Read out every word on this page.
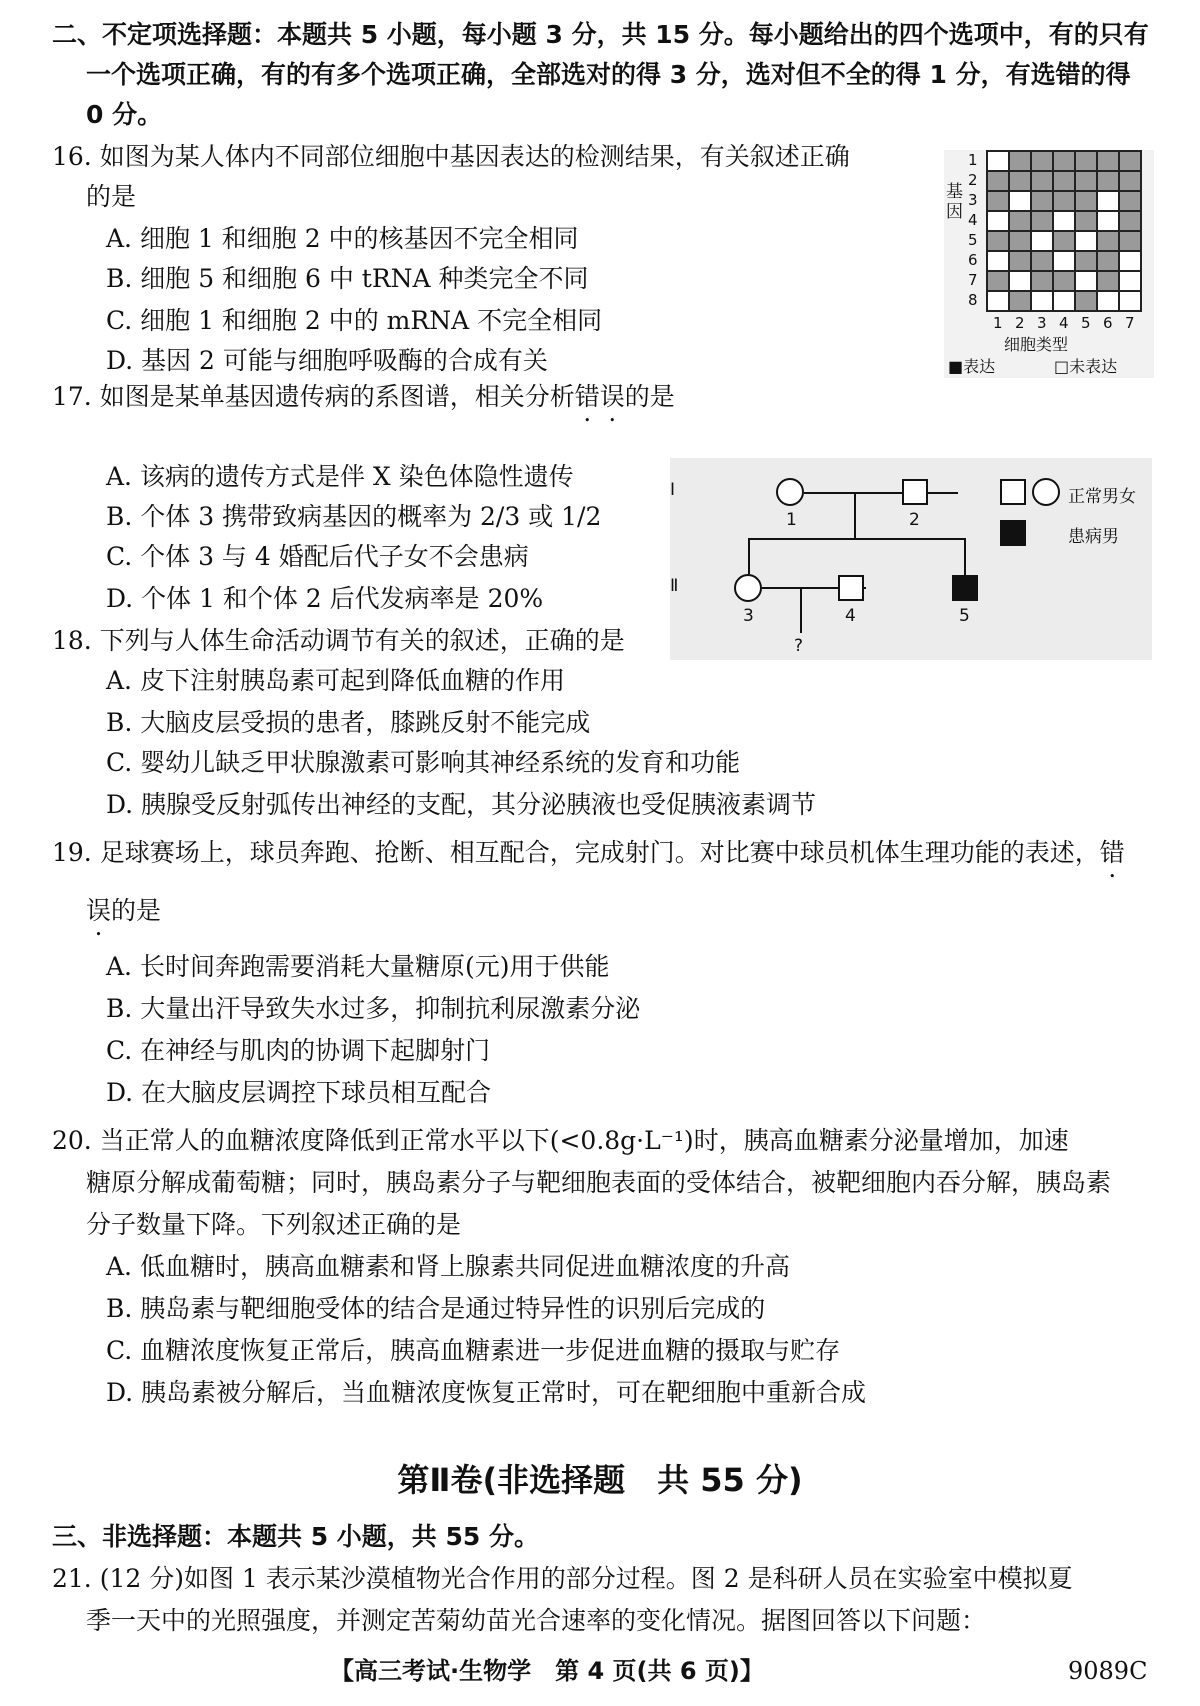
二、不定项选择题：本题共 5 小题，每小题 3 分，共 15 分。每小题给出的四个选项中，有的只有
一个选项正确，有的有多个选项正确，全部选对的得 3 分，选对但不全的得 1 分，有选错的得
0 分。
16. 如图为某人体内不同部位细胞中基因表达的检测结果，有关叙述正确
的是
A. 细胞 1 和细胞 2 中的核基因不完全相同
B. 细胞 5 和细胞 6 中 tRNA 种类完全不同
C. 细胞 1 和细胞 2 中的 mRNA 不完全相同
D. 基因 2 可能与细胞呼吸酶的合成有关
基因
细胞类型
■表达	□未表达
1
2
3
4
5
6
7
8
1 2 3 4 5 6 7
17. 如图是某单基因遗传病的系图谱，相关分析错误的是
A. 该病的遗传方式是伴 X 染色体隐性遗传
B. 个体 3 携带致病基因的概率为 2/3 或 1/2
C. 个体 3 与 4 婚配后代子女不会患病
D. 个体 1 和个体 2 后代发病率是 20%
Ⅰ
Ⅱ
1	2
3	4	5
?
正常男女
患病男
18. 下列与人体生命活动调节有关的叙述，正确的是
A. 皮下注射胰岛素可起到降低血糖的作用
B. 大脑皮层受损的患者，膝跳反射不能完成
C. 婴幼儿缺乏甲状腺激素可影响其神经系统的发育和功能
D. 胰腺受反射弧传出神经的支配，其分泌胰液也受促胰液素调节
19. 足球赛场上，球员奔跑、抢断、相互配合，完成射门。对比赛中球员机体生理功能的表述，错
误的是
A. 长时间奔跑需要消耗大量糖原(元)用于供能
B. 大量出汗导致失水过多，抑制抗利尿激素分泌
C. 在神经与肌肉的协调下起脚射门
D. 在大脑皮层调控下球员相互配合
20. 当正常人的血糖浓度降低到正常水平以下(<0.8g·L⁻¹)时，胰高血糖素分泌量增加，加速
糖原分解成葡萄糖；同时，胰岛素分子与靶细胞表面的受体结合，被靶细胞内吞分解，胰岛素
分子数量下降。下列叙述正确的是
A. 低血糖时，胰高血糖素和肾上腺素共同促进血糖浓度的升高
B. 胰岛素与靶细胞受体的结合是通过特异性的识别后完成的
C. 血糖浓度恢复正常后，胰高血糖素进一步促进血糖的摄取与贮存
D. 胰岛素被分解后，当血糖浓度恢复正常时，可在靶细胞中重新合成
第Ⅱ卷(非选择题　共 55 分)
三、非选择题：本题共 5 小题，共 55 分。
21. (12 分)如图 1 表示某沙漠植物光合作用的部分过程。图 2 是科研人员在实验室中模拟夏
季一天中的光照强度，并测定苦菊幼苗光合速率的变化情况。据图回答以下问题：
【高三考试·生物学　第 4 页(共 6 页)】	9089C
